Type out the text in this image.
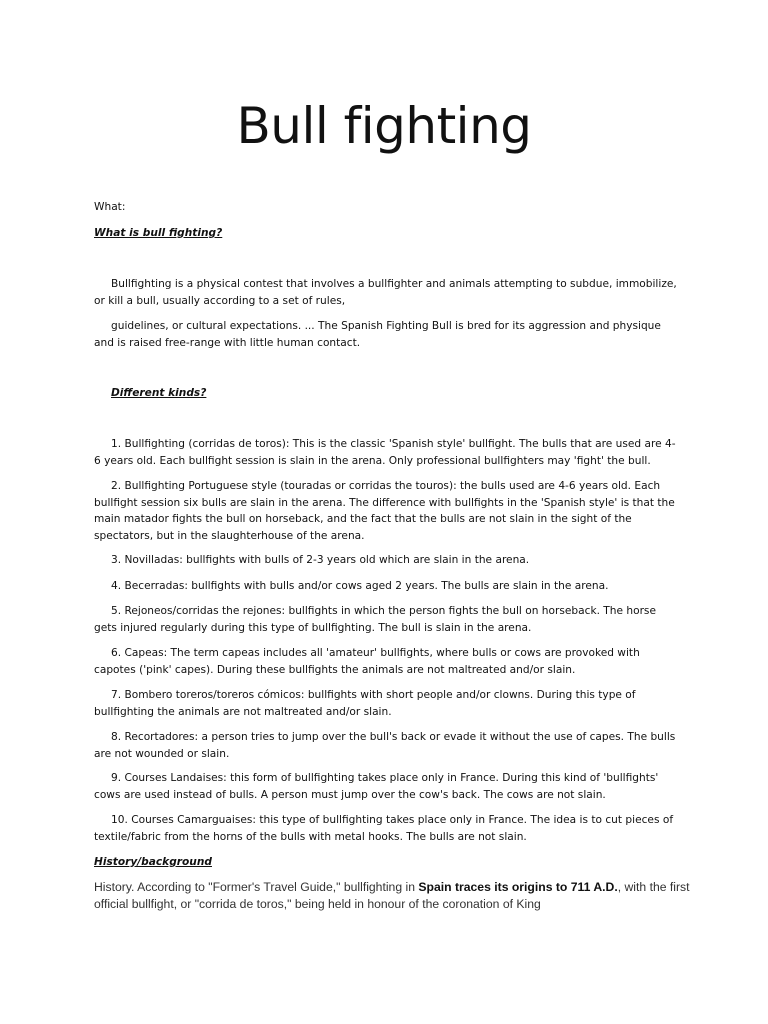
Bull fighting

What:

What is bull fighting?

Bullfighting is a physical contest that involves a bullfighter and animals attempting to subdue, immobilize, or kill a bull, usually according to a set of rules,

guidelines, or cultural expectations. ... The Spanish Fighting Bull is bred for its aggression and physique and is raised free-range with little human contact.

Different kinds?

1. Bullfighting (corridas de toros): This is the classic 'Spanish style' bullfight. The bulls that are used are 4-6 years old. Each bullfight session is slain in the arena. Only professional bullfighters may 'fight' the bull.

2. Bullfighting Portuguese style (touradas or corridas the touros): the bulls used are 4-6 years old. Each bullfight session six bulls are slain in the arena. The difference with bullfights in the 'Spanish style' is that the main matador fights the bull on horseback, and the fact that the bulls are not slain in the sight of the spectators, but in the slaughterhouse of the arena.

3. Novilladas: bullfights with bulls of 2-3 years old which are slain in the arena.

4. Becerradas: bullfights with bulls and/or cows aged 2 years. The bulls are slain in the arena.

5. Rejoneos/corridas the rejones: bullfights in which the person fights the bull on horseback. The horse gets injured regularly during this type of bullfighting. The bull is slain in the arena.

6. Capeas: The term capeas includes all 'amateur' bullfights, where bulls or cows are provoked with capotes ('pink' capes). During these bullfights the animals are not maltreated and/or slain.

7. Bombero toreros/toreros cómicos: bullfights with short people and/or clowns. During this type of bullfighting the animals are not maltreated and/or slain.

8. Recortadores: a person tries to jump over the bull's back or evade it without the use of capes. The bulls are not wounded or slain.

9. Courses Landaises: this form of bullfighting takes place only in France. During this kind of 'bullfights' cows are used instead of bulls. A person must jump over the cow's back. The cows are not slain.

10. Courses Camarguaises: this type of bullfighting takes place only in France. The idea is to cut pieces of textile/fabric from the horns of the bulls with metal hooks. The bulls are not slain.

History/background

History. According to "Former's Travel Guide," bullfighting in Spain traces its origins to 711 A.D., with the first official bullfight, or "corrida de toros," being held in honour of the coronation of King
